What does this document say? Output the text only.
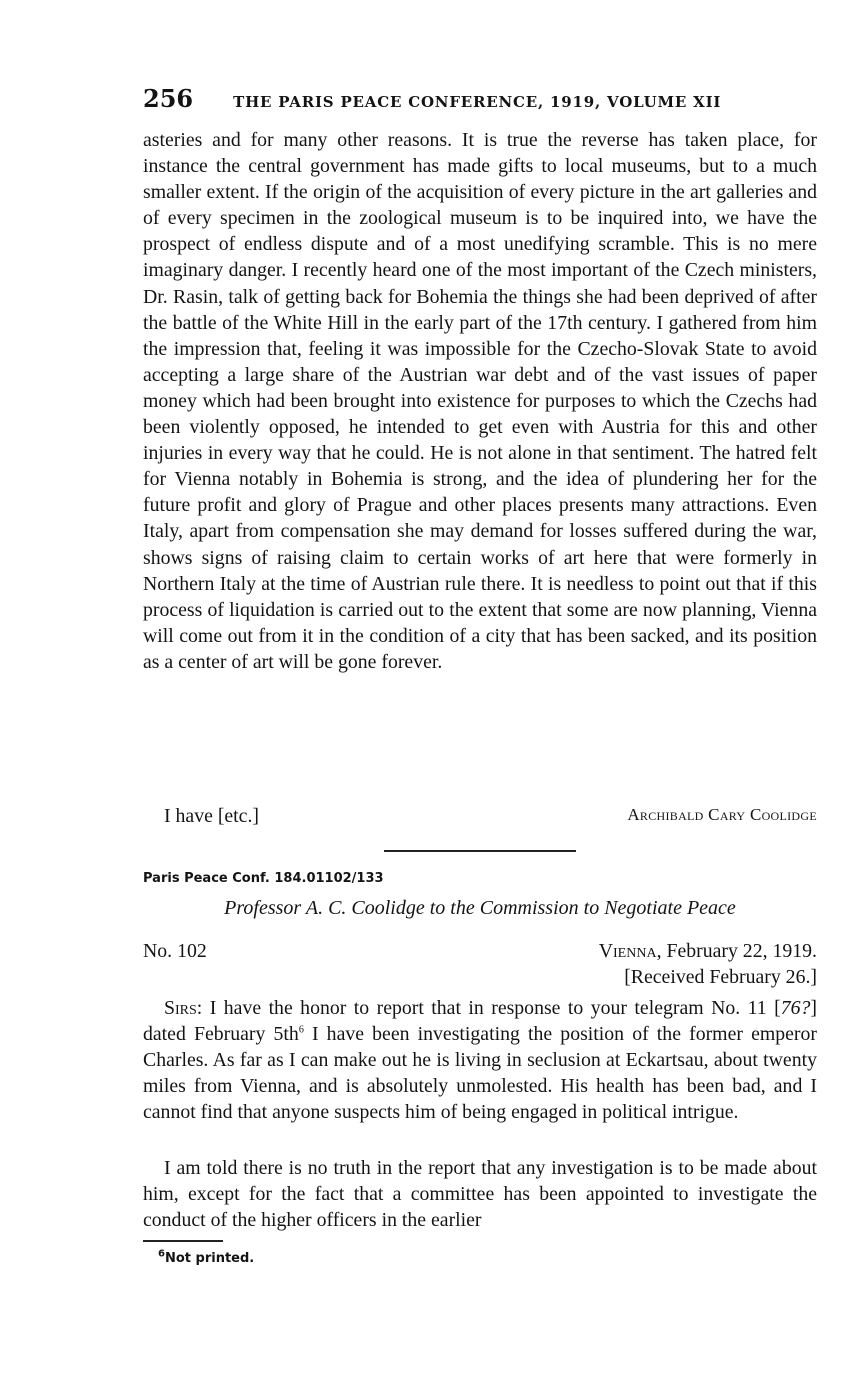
256	THE PARIS PEACE CONFERENCE, 1919, VOLUME XII

asteries and for many other reasons. It is true the reverse has taken place, for instance the central government has made gifts to local museums, but to a much smaller extent. If the origin of the acquisition of every picture in the art galleries and of every specimen in the zoological museum is to be inquired into, we have the prospect of endless dispute and of a most unedifying scramble. This is no mere imaginary danger. I recently heard one of the most important of the Czech ministers, Dr. Rasin, talk of getting back for Bohemia the things she had been deprived of after the battle of the White Hill in the early part of the 17th century. I gathered from him the impression that, feeling it was impossible for the Czecho-Slovak State to avoid accepting a large share of the Austrian war debt and of the vast issues of paper money which had been brought into existence for purposes to which the Czechs had been violently opposed, he intended to get even with Austria for this and other injuries in every way that he could. He is not alone in that sentiment. The hatred felt for Vienna notably in Bohemia is strong, and the idea of plundering her for the future profit and glory of Prague and other places presents many attractions. Even Italy, apart from compensation she may demand for losses suffered during the war, shows signs of raising claim to certain works of art here that were formerly in Northern Italy at the time of Austrian rule there. It is needless to point out that if this process of liquidation is carried out to the extent that some are now planning, Vienna will come out from it in the condition of a city that has been sacked, and its position as a center of art will be gone forever.

I have [etc.]	Archibald Cary Coolidge
Paris Peace Conf. 184.01102/133
Professor A. C. Coolidge to the Commission to Negotiate Peace
No. 102	Vienna, February 22, 1919.
[Received February 26.]

Sirs: I have the honor to report that in response to your telegram No. 11 [76?] dated February $5th^6$ I have been investigating the position of the former emperor Charles. As far as I can make out he is living in seclusion at Eckartsau, about twenty miles from Vienna, and is absolutely unmolested. His health has been bad, and I cannot find that anyone suspects him of being engaged in political intrigue.

I am told there is no truth in the report that any investigation is to be made about him, except for the fact that a committee has been appointed to investigate the conduct of the higher officers in the earlier

$^6$Not printed.
